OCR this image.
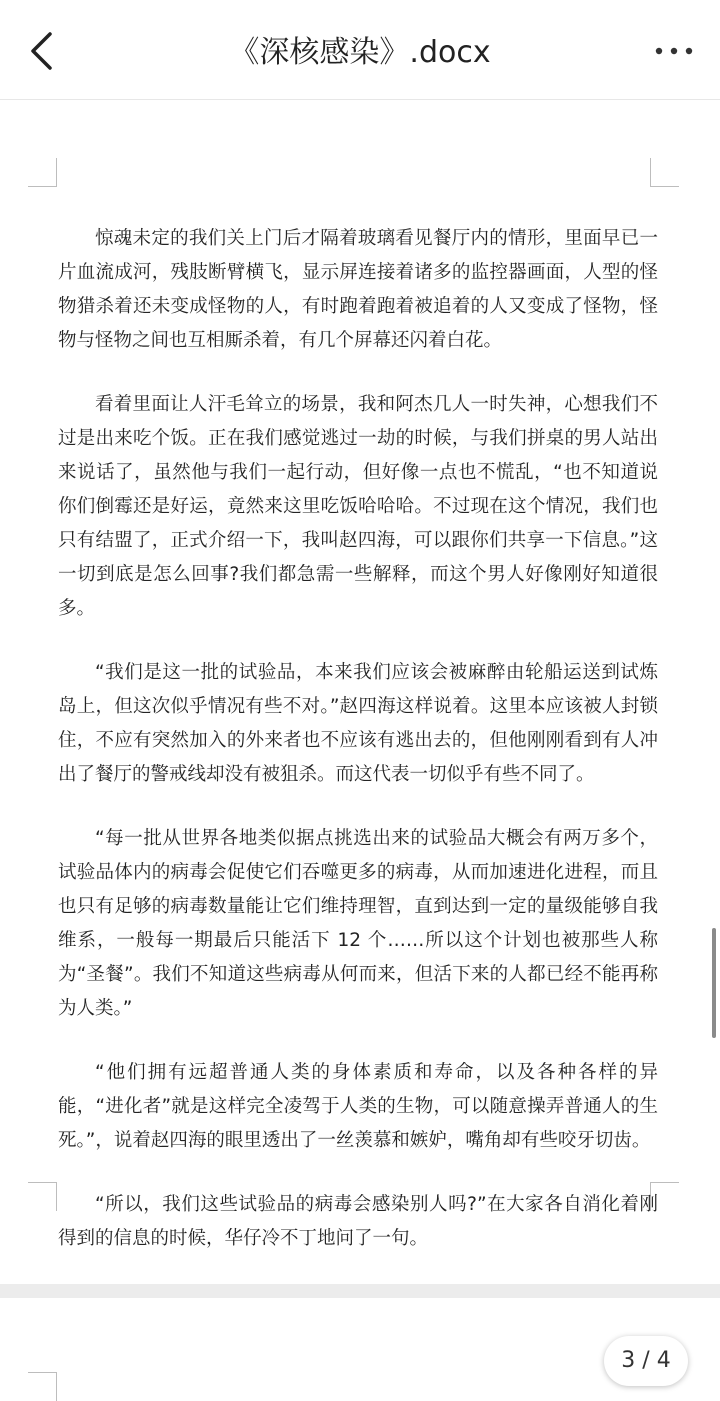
《深核感染》.docx

惊魂未定的我们关上门后才隔着玻璃看见餐厅内的情形，里面早已一片血流成河，残肢断臂横飞，显示屏连接着诸多的监控器画面，人型的怪物猎杀着还未变成怪物的人，有时跑着跑着被追着的人又变成了怪物，怪物与怪物之间也互相厮杀着，有几个屏幕还闪着白花。

看着里面让人汗毛耸立的场景，我和阿杰几人一时失神，心想我们不过是出来吃个饭。正在我们感觉逃过一劫的时候，与我们拼桌的男人站出来说话了，虽然他与我们一起行动，但好像一点也不慌乱，“也不知道说你们倒霉还是好运，竟然来这里吃饭哈哈哈。不过现在这个情况，我们也只有结盟了，正式介绍一下，我叫赵四海，可以跟你们共享一下信息。”这一切到底是怎么回事?我们都急需一些解释，而这个男人好像刚好知道很多。

“我们是这一批的试验品，本来我们应该会被麻醉由轮船运送到试炼岛上，但这次似乎情况有些不对。”赵四海这样说着。这里本应该被人封锁住，不应有突然加入的外来者也不应该有逃出去的，但他刚刚看到有人冲出了餐厅的警戒线却没有被狙杀。而这代表一切似乎有些不同了。

“每一批从世界各地类似据点挑选出来的试验品大概会有两万多个，试验品体内的病毒会促使它们吞噬更多的病毒，从而加速进化进程，而且也只有足够的病毒数量能让它们维持理智，直到达到一定的量级能够自我维系，一般每一期最后只能活下 12 个……所以这个计划也被那些人称为“圣餐”。我们不知道这些病毒从何而来，但活下来的人都已经不能再称为人类。”

“他们拥有远超普通人类的身体素质和寿命，以及各种各样的异能，“进化者”就是这样完全凌驾于人类的生物，可以随意操弄普通人的生死。”，说着赵四海的眼里透出了一丝羡慕和嫉妒，嘴角却有些咬牙切齿。

“所以，我们这些试验品的病毒会感染别人吗?”在大家各自消化着刚得到的信息的时候，华仔冷不丁地问了一句。

3 / 4
